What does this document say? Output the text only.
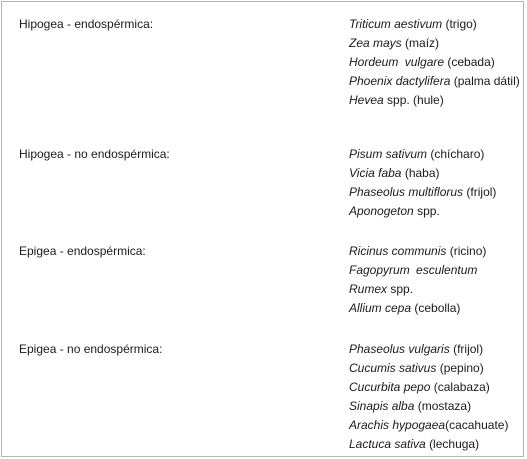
Hipogea - endospérmica:	Triticum aestivum (trigo)
Zea mays (maíz)
Hordeum vulgare (cebada)
Phoenix dactylifera (palma dátil)
Hevea spp. (hule)
Hipogea - no endospérmica:	Pisum sativum (chícharo)
Vicia faba (haba)
Phaseolus multiflorus (frijol)
Aponogeton spp.
Epigea - endospérmica:	Ricinus communis (ricino)
Fagopyrum esculentum
Rumex spp.
Allium cepa (cebolla)
Epigea - no endospérmica:	Phaseolus vulgaris (frijol)
Cucumis sativus (pepino)
Cucurbita pepo (calabaza)
Sinapis alba (mostaza)
Arachis hypogaea(cacahuate)
Lactuca sativa (lechuga)
